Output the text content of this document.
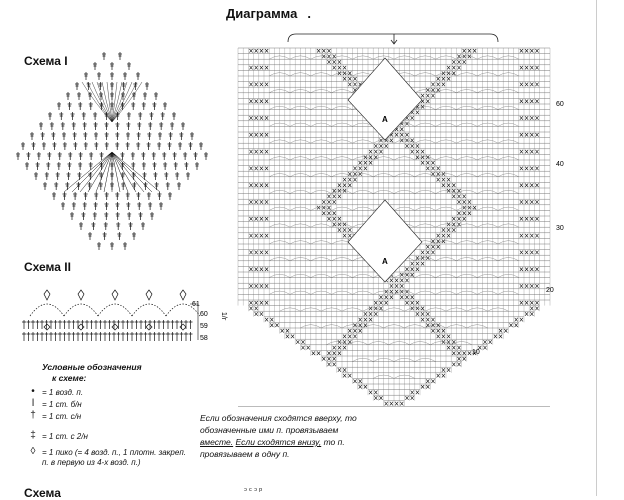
Диаграмма .
Схема I
Схема II
61
60
59
58
1/г
Условные обозначения
к схеме:
• = 1 возд. п.
ǀ = 1 ст. б/н
† = 1 ст. с/н
‡ = 1 ст. с 2/н
◊ = 1 пико (= 4 возд. п., 1 плотн. закреп. п. в первую из 4-х возд. п.)
A
A
60
40
30
20
10
Если обозначения сходятся вверху, то
обозначенные ими п. провязываем
вместе. Если сходятся внизу, то п.
провязываем в одну п.
Схема	ᵓ ᶜ ᵓ ᵖ
